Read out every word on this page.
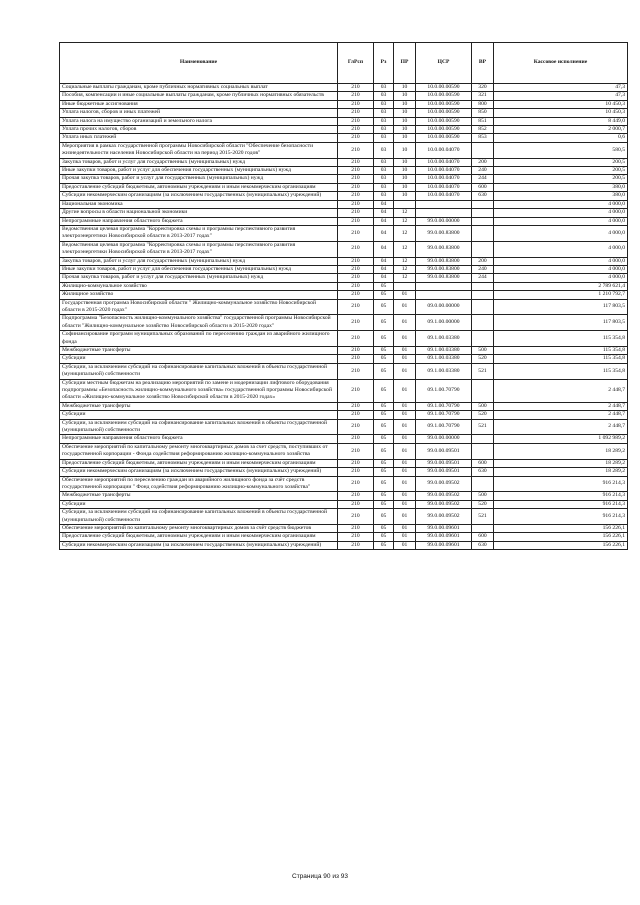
Наименование	ГлРсп	Рз	ПР	ЦСР	ВР	Кассовое исполнение
Социальные выплаты гражданам, кроме публичных нормативных социальных выплат	210	03	10	10.0.00.00590	320	47,3
Пособия, компенсации и иные социальные выплаты гражданам, кроме публичных нормативных обязательств	210	03	10	10.0.00.00590	321	47,3
Иные бюджетные ассигнования	210	03	10	10.0.00.00590	800	10 450,3
Уплата налогов, сборов и иных платежей	210	03	10	10.0.00.00590	850	10 450,3
Уплата налога на имущество организаций и земельного налога	210	03	10	10.0.00.00590	851	8 449,0
Уплата прочих налогов, сборов	210	03	10	10.0.00.00590	852	2 000,7
Уплата иных платежей	210	03	10	10.0.00.00590	853	0,6
Мероприятия в рамках государственной программы Новосибирской области "Обеспечение безопасности жизнедеятельности населения Новосибирской области на период 2015-2020 годов"	210	03	10	10.0.00.04070		580,5
Закупка товаров, работ и услуг для государственных (муниципальных) нужд	210	03	10	10.0.00.04070	200	200,5
Иные закупки товаров, работ и услуг для обеспечения государственных (муниципальных) нужд	210	03	10	10.0.00.04070	240	200,5
Прочая закупка товаров, работ и услуг для государственных (муниципальных) нужд	210	03	10	10.0.00.04070	244	200,5
Предоставление субсидий бюджетным, автономным учреждениям и иным некоммерческим организациям	210	03	10	10.0.00.04070	600	380,0
Субсидии некоммерческим организациям (за исключением государственных (муниципальных) учреждений)	210	03	10	10.0.00.04070	630	380,0
Национальная экономика	210	04				4 000,0
Другие вопросы в области национальной экономики	210	04	12			4 000,0
Непрограммные направления областного бюджета	210	04	12	99.0.00.00000		4 000,0
Ведомственная целевая программа "Корректировка схемы и программы перспективного развития электроэнергетики Новосибирской области в 2013-2017 годах"	210	04	12	99.0.00.83800		4 000,0
Ведомственная целевая программа "Корректировка схемы и программы перспективного развития электроэнергетики Новосибирской области в 2013-2017 годах"	210	04	12	99.0.00.83800		4 000,0
Закупка товаров, работ и услуг для государственных (муниципальных) нужд	210	04	12	99.0.00.83800	200	4 000,0
Иные закупки товаров, работ и услуг для обеспечения государственных (муниципальных) нужд	210	04	12	99.0.00.83800	240	4 000,0
Прочая закупка товаров, работ и услуг для государственных (муниципальных) нужд	210	04	12	99.0.00.83800	244	4 000,0
Жилищно-коммунальное хозяйство	210	05				2 789 621,4
Жилищное хозяйство	210	05	01			1 210 792,7
Государственная программа Новосибирской области " Жилищно-коммунальное хозяйство Новосибирской области в 2015-2020 годах"	210	05	01	09.0.00.00000		117 803,5
Подпрограмма "Безопасность жилищно-коммунального хозяйства" государственной программы Новосибирской области "Жилищно-коммунальное хозяйство Новосибирской области в 2015-2020 годах"	210	05	01	09.1.00.00000		117 803,5
Софинансирование программ муниципальных образований по переселению граждан из аварийного жилищного фонда	210	05	01	09.1.00.03380		115 354,8
Межбюджетные трансферты	210	05	01	09.1.00.03380	500	115 354,8
Субсидии	210	05	01	09.1.00.03380	520	115 354,8
Субсидии, за исключением субсидий на софинансирование капитальных вложений в объекты государственной (муниципальной) собственности	210	05	01	09.1.00.03380	521	115 354,8
Субсидии местным бюджетам на реализацию мероприятий по замене и модернизации лифтового оборудования подпрограммы «Безопасность жилищно-коммунального хозяйства» государственной программы Новосибирской области «Жилищно-коммунальное хозяйство Новосибирской области в 2015-2020 годах»	210	05	01	09.1.00.70790		2 448,7
Межбюджетные трансферты	210	05	01	09.1.00.70790	500	2 448,7
Субсидии	210	05	01	09.1.00.70790	520	2 448,7
Субсидии, за исключением субсидий на софинансирование капитальных вложений в объекты государственной (муниципальной) собственности	210	05	01	09.1.00.70790	521	2 448,7
Непрограммные направления областного бюджета	210	05	01	99.0.00.00000		1 092 989,2
Обеспечение мероприятий по капитальному ремонту многоквартирных домов за счет средств, поступивших от государственной корпорации - Фонда содействия реформированию жилищно-коммунального хозяйства	210	05	01	99.0.00.09501		18 289,2
Предоставление субсидий бюджетным, автономным учреждениям и иным некоммерческим организациям	210	05	01	99.0.00.09501	600	18 289,2
Субсидии некоммерческим организациям (за исключением государственных (муниципальных) учреждений)	210	05	01	99.0.00.09501	630	18 289,2
Обеспечение мероприятий по переселению граждан из аварийного жилищного фонда за счёт средств государственной корпорации " Фонд содействия реформированию жилищно-коммунального хозяйства"	210	05	01	99.0.00.09502		916 214,3
Межбюджетные трансферты	210	05	01	99.0.00.09502	500	916 214,3
Субсидии	210	05	01	99.0.00.09502	520	916 214,3
Субсидии, за исключением субсидий на софинансирование капитальных вложений в объекты государственной (муниципальной) собственности	210	05	01	99.0.00.09502	521	916 214,3
Обеспечение мероприятий по капитальному ремонту многоквартирных домов за счёт средств бюджетов	210	05	01	99.0.00.09601		156 226,1
Предоставление субсидий бюджетным, автономным учреждениям и иным некоммерческим организациям	210	05	01	99.0.00.09601	600	156 226,1
Субсидии некоммерческим организациям (за исключением государственных (муниципальных) учреждений)	210	05	01	99.0.00.09601	630	156 226,1
Страница 90 из 93
